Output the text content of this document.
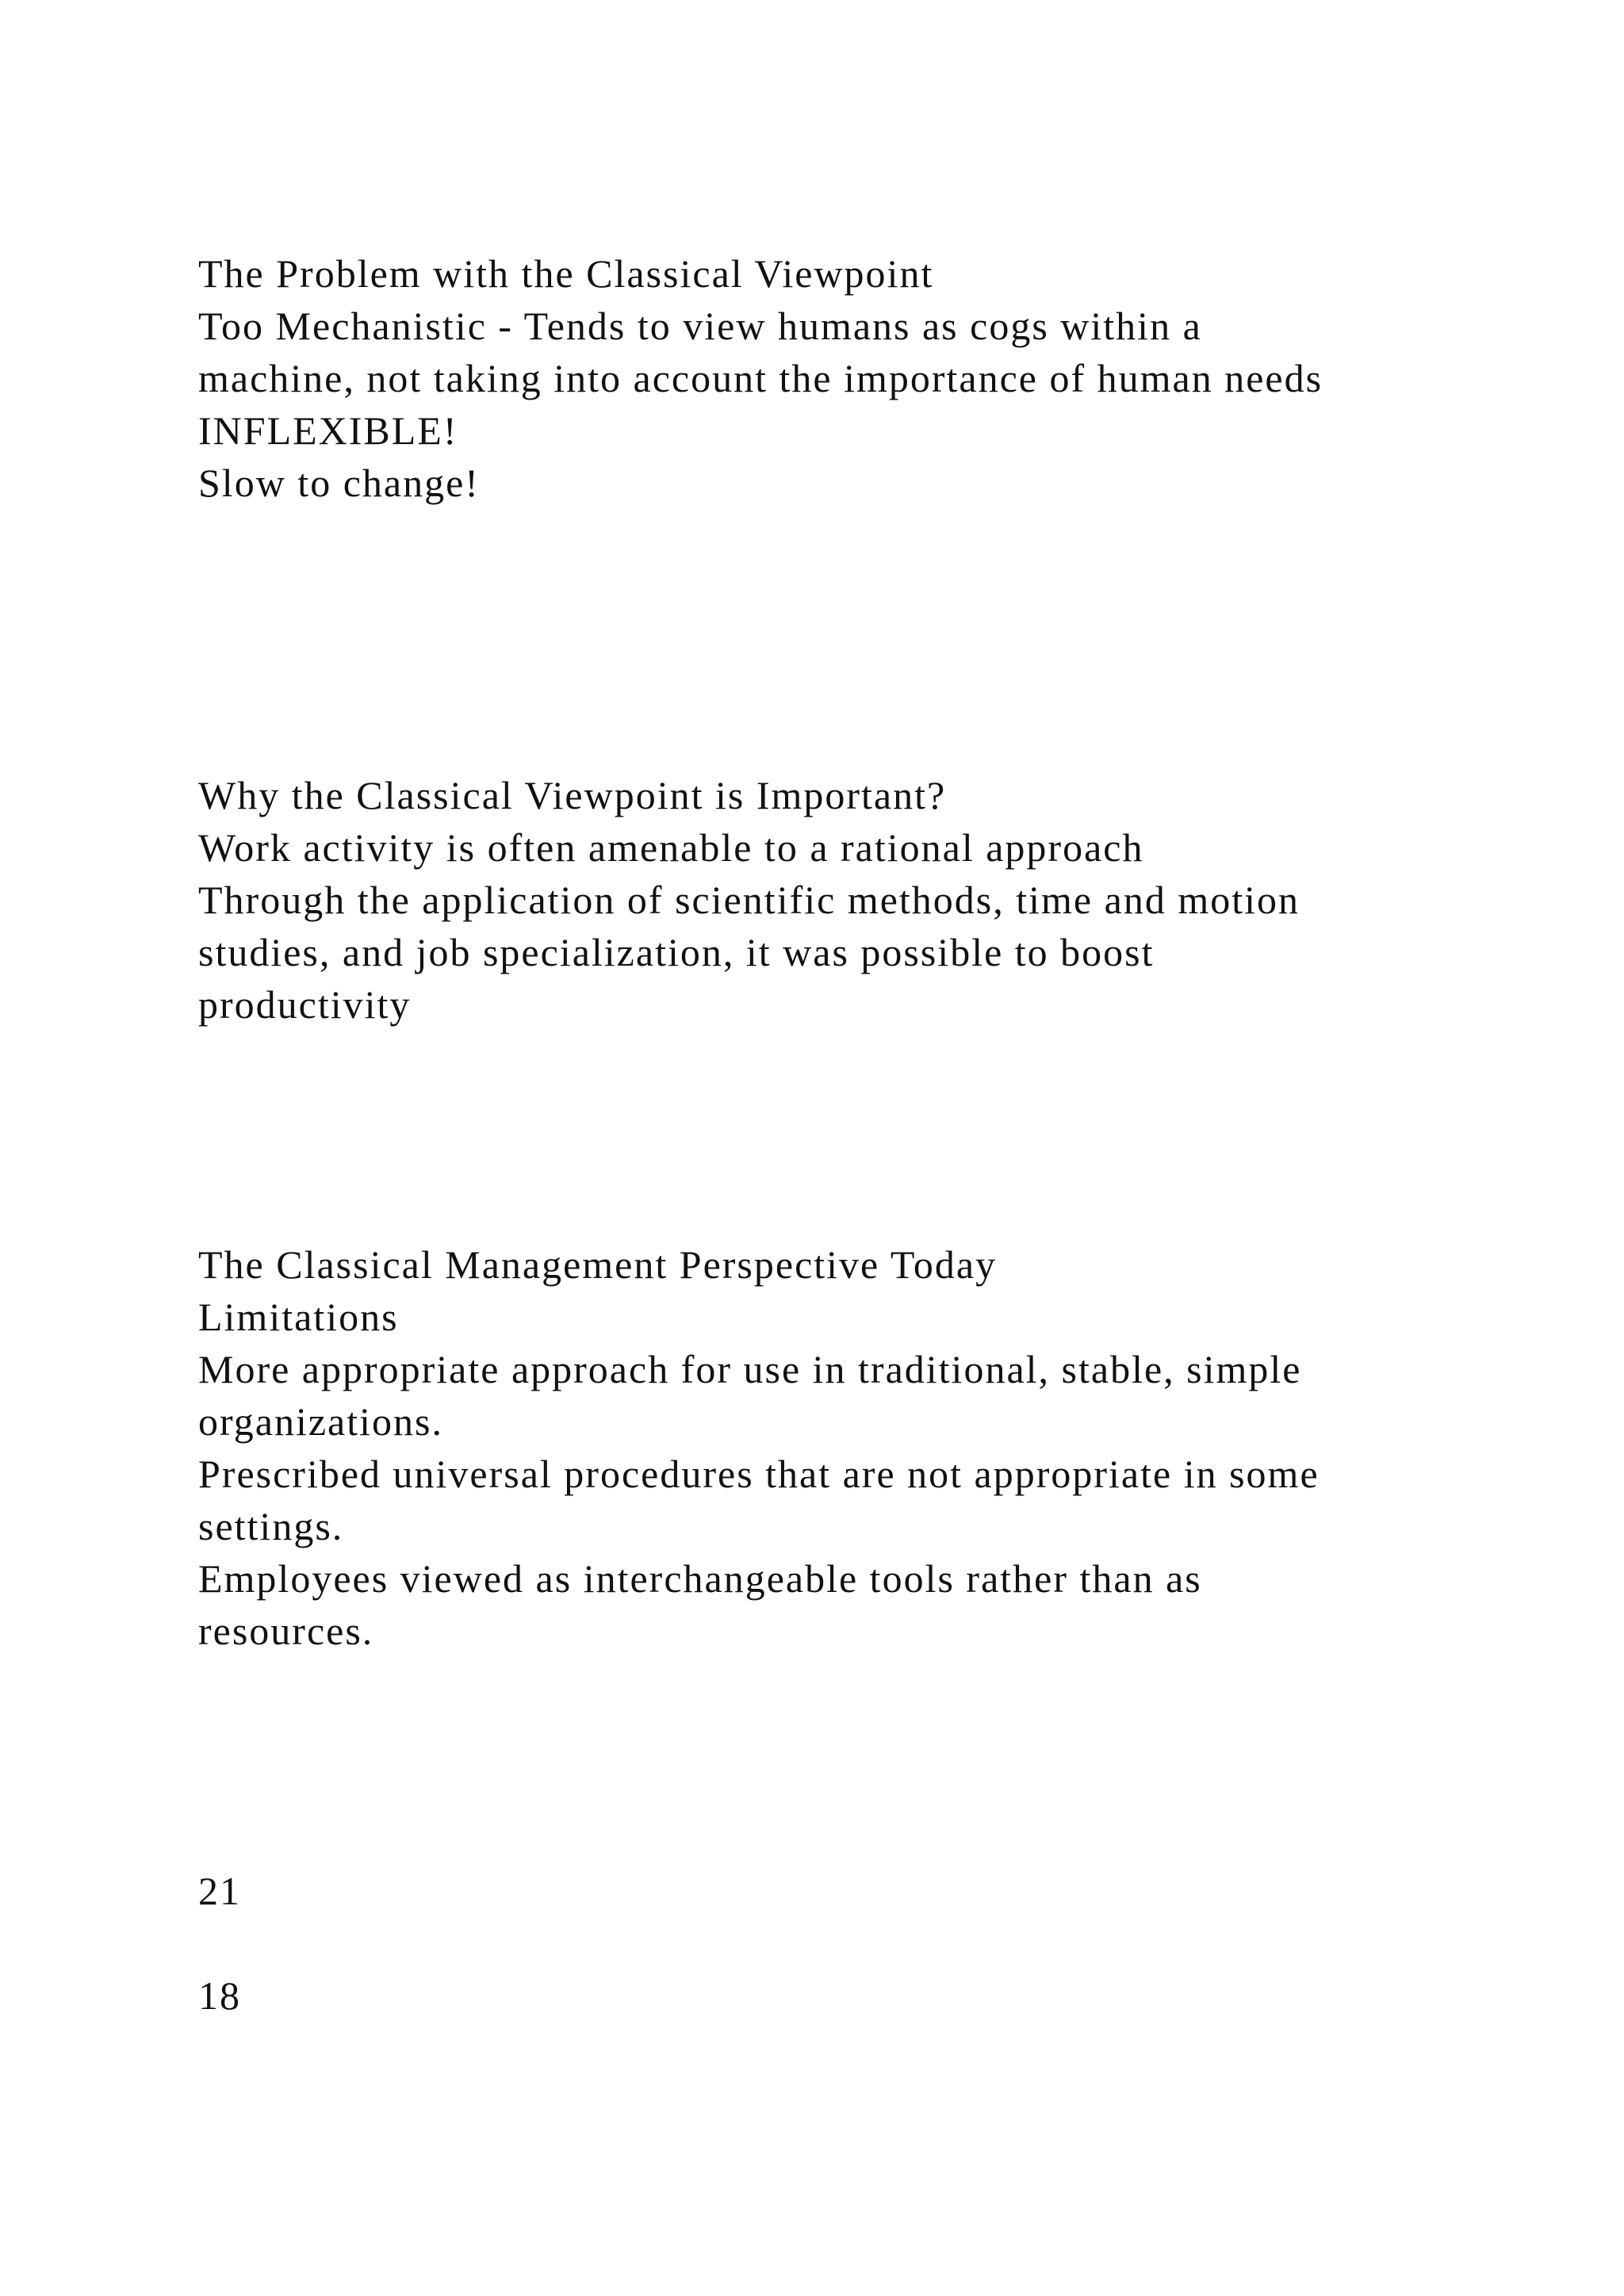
The Problem with the Classical Viewpoint

Too Mechanistic - Tends to view humans as cogs within a

machine, not taking into account the importance of human needs

INFLEXIBLE!

Slow to change!

Why the Classical Viewpoint is Important?

Work activity is often amenable to a rational approach

Through the application of scientific methods, time and motion

studies, and job specialization, it was possible to boost

productivity

The Classical Management Perspective Today

Limitations

More appropriate approach for use in traditional, stable, simple

organizations.

Prescribed universal procedures that are not appropriate in some

settings.

Employees viewed as interchangeable tools rather than as

resources.

21

18
